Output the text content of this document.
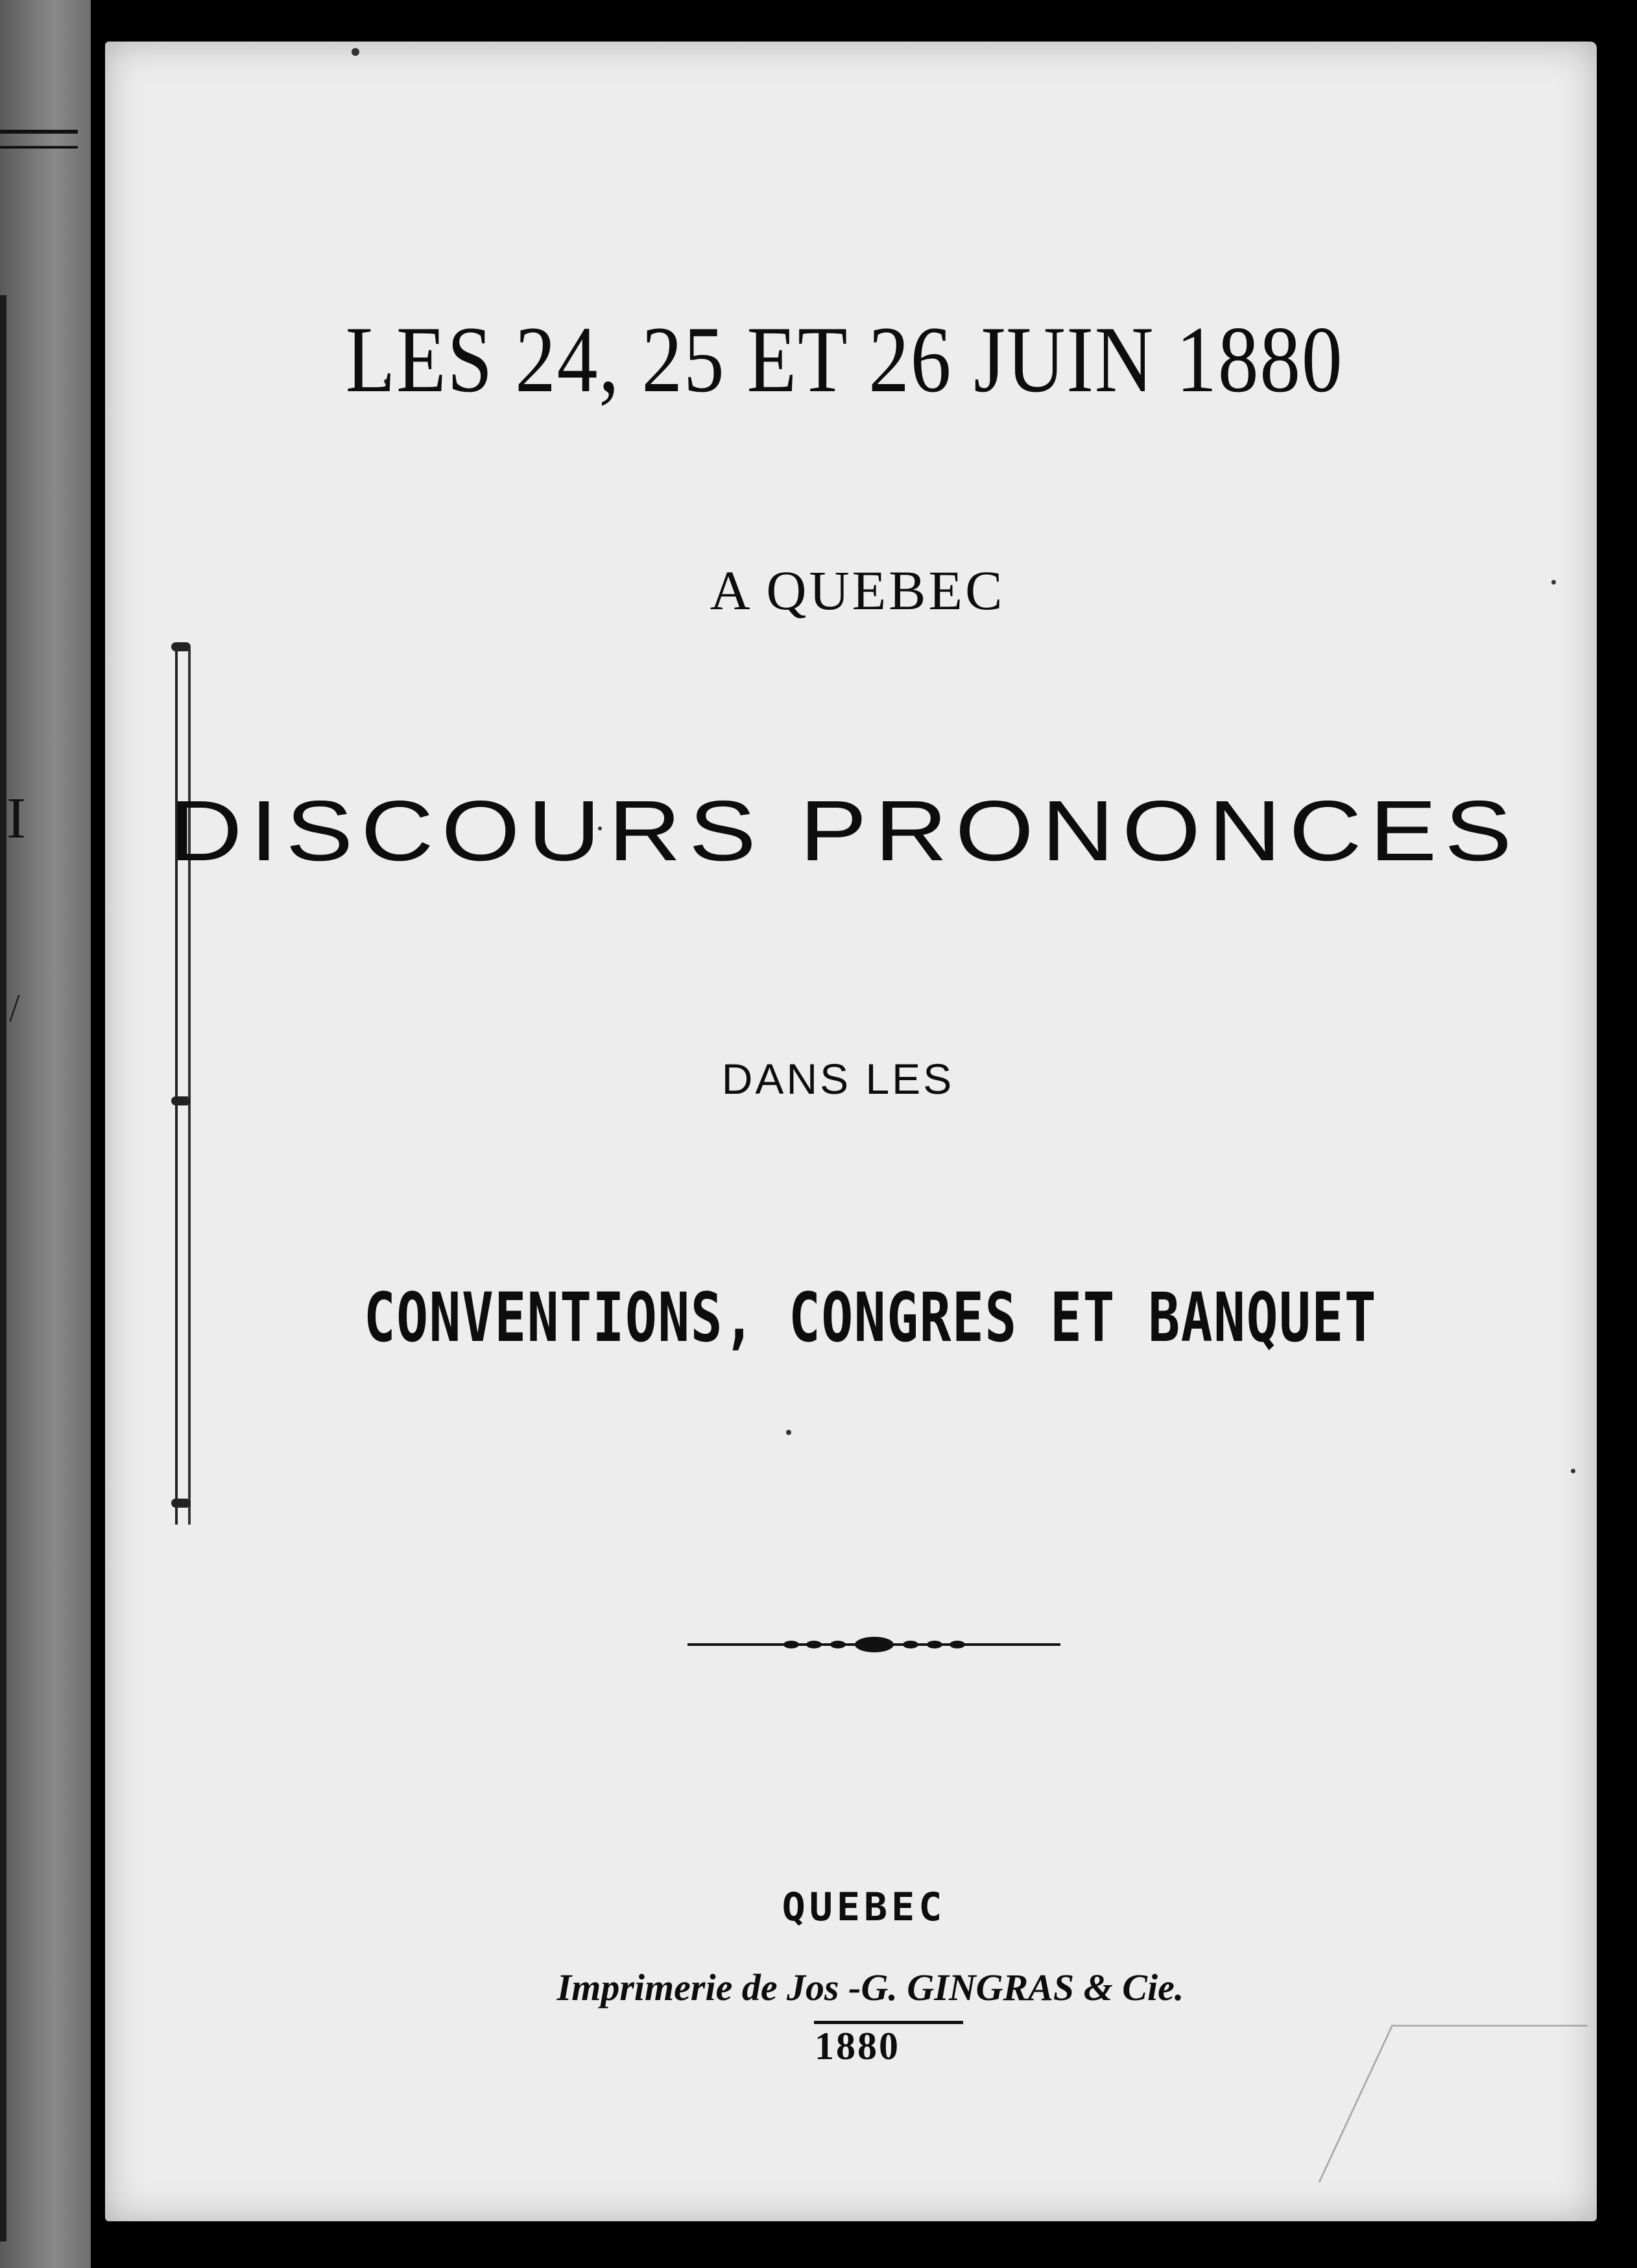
I
/
LES 24, 25 ET 26 JUIN 1880
A QUEBEC
DISCOURS PRONONCES
DANS LES
CONVENTIONS, CONGRES ET BANQUET
QUEBEC
Imprimerie de Jos -G. GINGRAS & Cie.
1880
